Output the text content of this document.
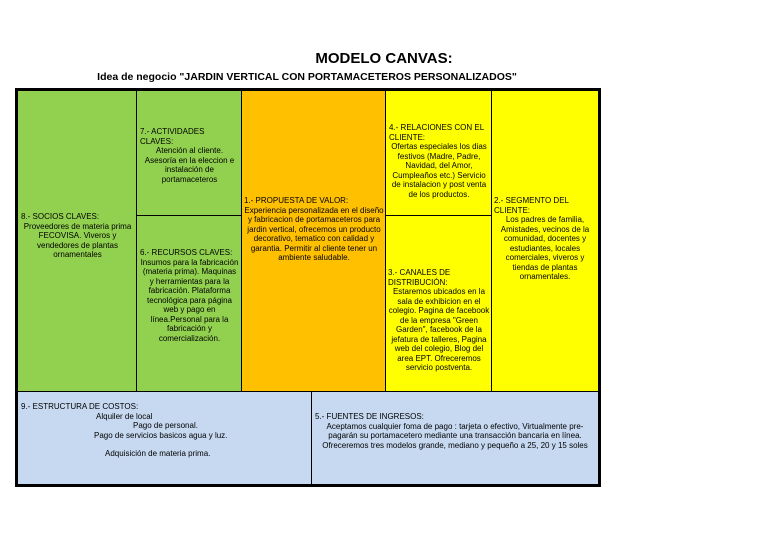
MODELO CANVAS:
Idea de negocio "JARDIN VERTICAL CON PORTAMACETEROS PERSONALIZADOS"
8.- SOCIOS CLAVES:
Proveedores de materia prima FECOVISA. Viveros y vendedores de plantas ornamentales
7.- ACTIVIDADES CLAVES:
Atención al cliente. Asesoría en la eleccion e instalación de portamaceteros
6.- RECURSOS CLAVES:
Insumos para la fabricación (materia prima). Maquinas y herramientas para la fabricación. Plataforma tecnológica para página web y pago en línea.Personal para la fabricación y comercialización.
1.- PROPUESTA DE VALOR:
Experiencia personalizada en el diseño y fabricacion de portamaceteros para jardin vertical, ofrecemos un producto decorativo, tematico con calidad y garantia. Permitir al cliente tener un ambiente saludable.
4.- RELACIONES CON EL CLIENTE:
Ofertas especiales los dias festivos (Madre, Padre, Navidad, del Amor, Cumpleaños etc.) Servicio de instalacion y post venta de los productos.
3.- CANALES DE DISTRIBUCIÓN:
Estaremos ubicados en la sala de exhibicion en el colegio. Pagina de facebook de la empresa "Green Garden", facebook de la jefatura de talleres, Pagina web del colegio, Blog del area EPT. Ofreceremos servicio postventa.
2.- SEGMENTO DEL CLIENTE:
Los padres de familia, Amistades, vecinos de la comunidad, docentes y estudiantes, locales comerciales, viveros y tiendas de plantas ornamentales.
9.- ESTRUCTURA DE COSTOS:
Alquiler de local
Pago de personal.
Pago de servicios basicos agua y luz.
Adquisición de materia prima.
5.- FUENTES DE INGRESOS:
Aceptamos cualquier foma de pago : tarjeta o efectivo, Virtualmente pre-pagarán su portamacetero mediante una transacción bancaria en línea. Ofreceremos tres modelos grande, mediano y pequeño a 25, 20 y 15 soles
